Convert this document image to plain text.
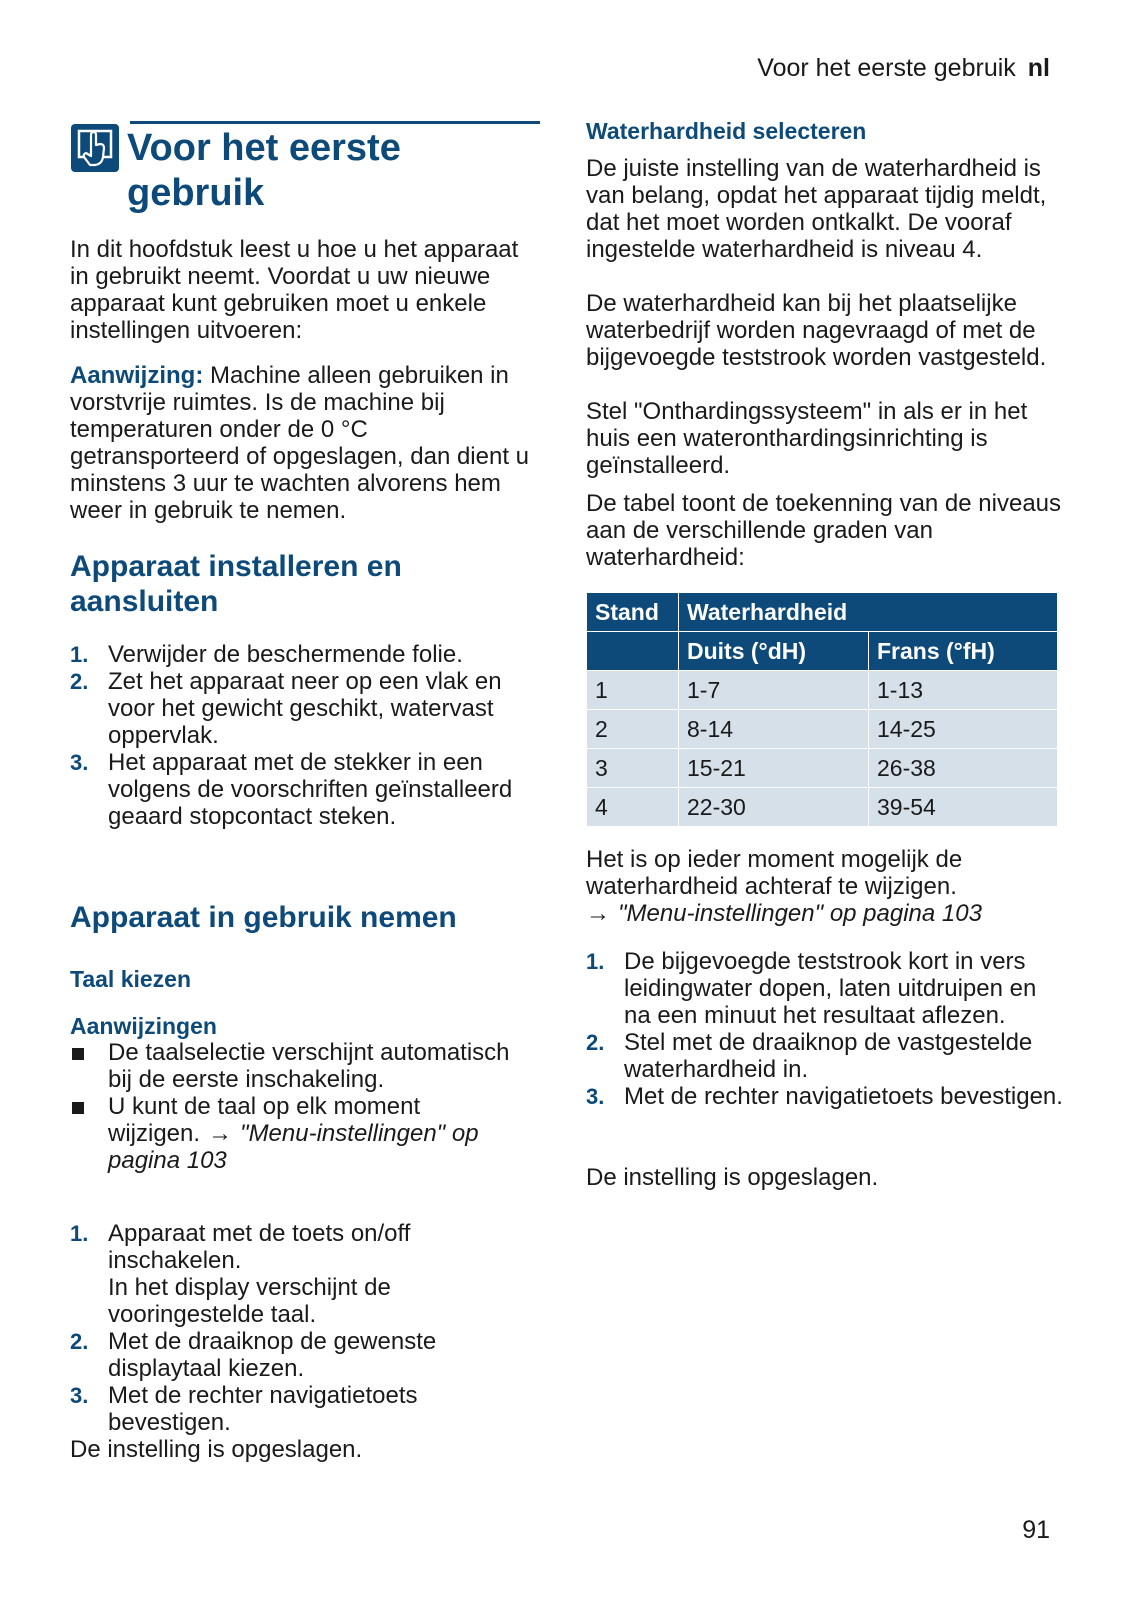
Voor het eerste gebruik nl
Voor het eerste
gebruik
In dit hoofdstuk leest u hoe u het apparaat in gebruikt neemt. Voordat u uw nieuwe apparaat kunt gebruiken moet u enkele instellingen uitvoeren:
Aanwijzing: Machine alleen gebruiken in vorstvrije ruimtes. Is de machine bij temperaturen onder de 0 °C getransporteerd of opgeslagen, dan dient u minstens 3 uur te wachten alvorens hem weer in gebruik te nemen.
Apparaat installeren en
aansluiten
1. Verwijder de beschermende folie.
2. Zet het apparaat neer op een vlak en voor het gewicht geschikt, watervast oppervlak.
3. Het apparaat met de stekker in een volgens de voorschriften geïnstalleerd geaard stopcontact steken.
Apparaat in gebruik nemen
Taal kiezen
Aanwijzingen
De taalselectie verschijnt automatisch bij de eerste inschakeling.
U kunt de taal op elk moment wijzigen. → "Menu-instellingen" op pagina 103
1. Apparaat met de toets on/off inschakelen.
In het display verschijnt de vooringestelde taal.
2. Met de draaiknop de gewenste displaytaal kiezen.
3. Met de rechter navigatietoets bevestigen.
De instelling is opgeslagen.
Waterhardheid selecteren
De juiste instelling van de waterhardheid is van belang, opdat het apparaat tijdig meldt, dat het moet worden ontkalkt. De vooraf ingestelde waterhardheid is niveau 4.
De waterhardheid kan bij het plaatselijke waterbedrijf worden nagevraagd of met de bijgevoegde teststrook worden vastgesteld.
Stel "Onthardingssysteem" in als er in het huis een wateronthardingsinrichting is geïnstalleerd.
De tabel toont de toekenning van de niveaus aan de verschillende graden van waterhardheid:
Stand	Waterhardheid	
	Duits (°dH)	Frans (°fH)
1	1-7	1-13
2	8-14	14-25
3	15-21	26-38
4	22-30	39-54
Het is op ieder moment mogelijk de waterhardheid achteraf te wijzigen.
→ "Menu-instellingen" op pagina 103
1. De bijgevoegde teststrook kort in vers leidingwater dopen, laten uitdruipen en na een minuut het resultaat aflezen.
2. Stel met de draaiknop de vastgestelde waterhardheid in.
3. Met de rechter navigatietoets bevestigen.
De instelling is opgeslagen.
91
